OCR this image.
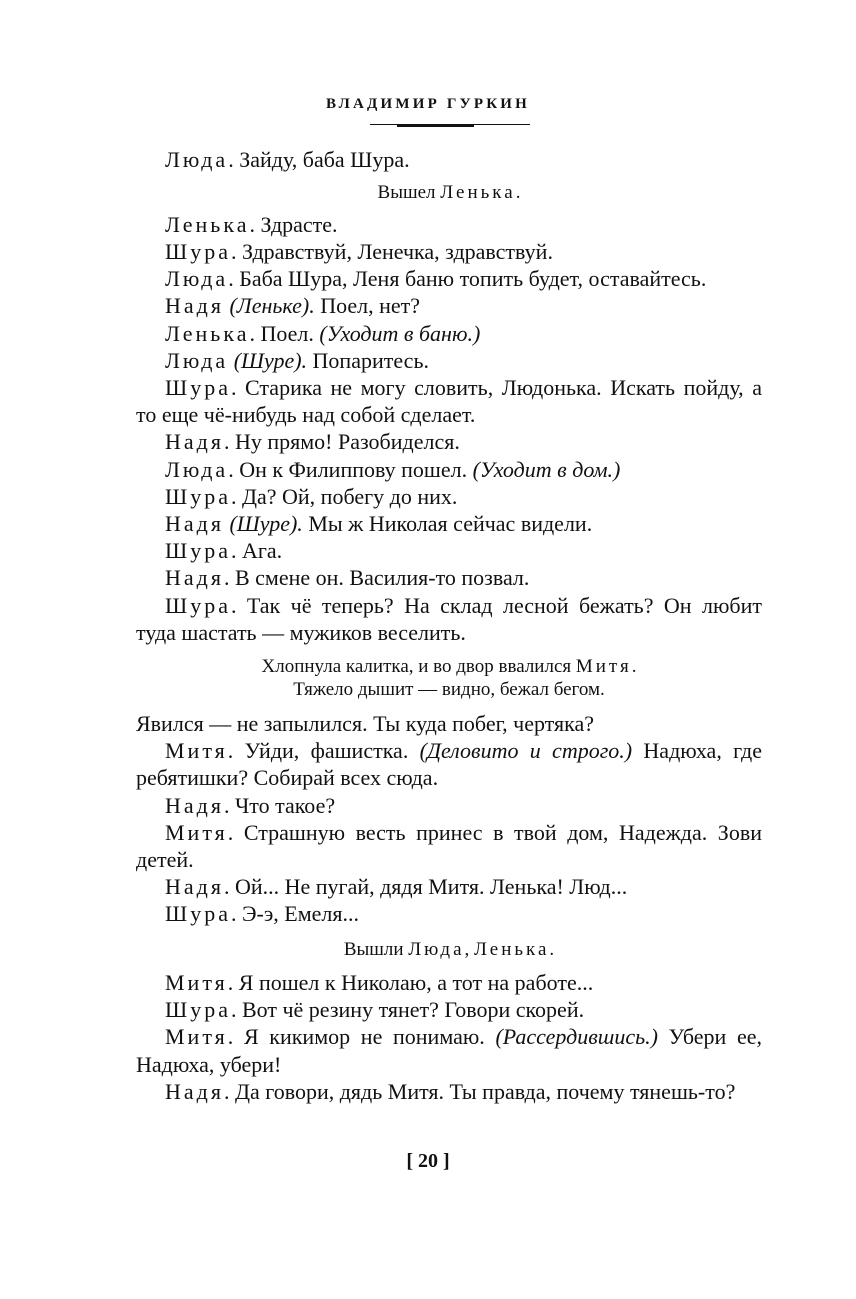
ВЛАДИМИР ГУРКИН

Люда. Зайду, баба Шура.

Вышел Ленька.

Ленька. Здрасте.

Шура. Здравствуй, Ленечка, здравствуй.

Люда. Баба Шура, Леня баню топить будет, оставайтесь.

Надя (Леньке). Поел, нет?

Ленька. Поел. (Уходит в баню.)

Люда (Шуре). Попаритесь.

Шура. Старика не могу словить, Людонька. Искать пойду, а то еще чё-нибудь над собой сделает.

Надя. Ну прямо! Разобиделся.

Люда. Он к Филиппову пошел. (Уходит в дом.)

Шура. Да? Ой, побегу до них.

Надя (Шуре). Мы ж Николая сейчас видели.

Шура. Ага.

Надя. В смене он. Василия-то позвал.

Шура. Так чё теперь? На склад лесной бежать? Он любит туда шастать — мужиков веселить.

Хлопнула калитка, и во двор ввалился Митя.
Тяжело дышит — видно, бежал бегом.

Явился — не запылился. Ты куда побег, чертяка?

Митя. Уйди, фашистка. (Деловито и строго.) Надюха, где ребятишки? Собирай всех сюда.

Надя. Что такое?

Митя. Страшную весть принес в твой дом, Надежда. Зови детей.

Надя. Ой... Не пугай, дядя Митя. Ленька! Люд...

Шура. Э-э, Емеля...

Вышли Люда, Ленька.

Митя. Я пошел к Николаю, а тот на работе...

Шура. Вот чё резину тянет? Говори скорей.

Митя. Я кикимор не понимаю. (Рассердившись.) Убери ее, Надюха, убери!

Надя. Да говори, дядь Митя. Ты правда, почему тянешь-то?

[ 20 ]
